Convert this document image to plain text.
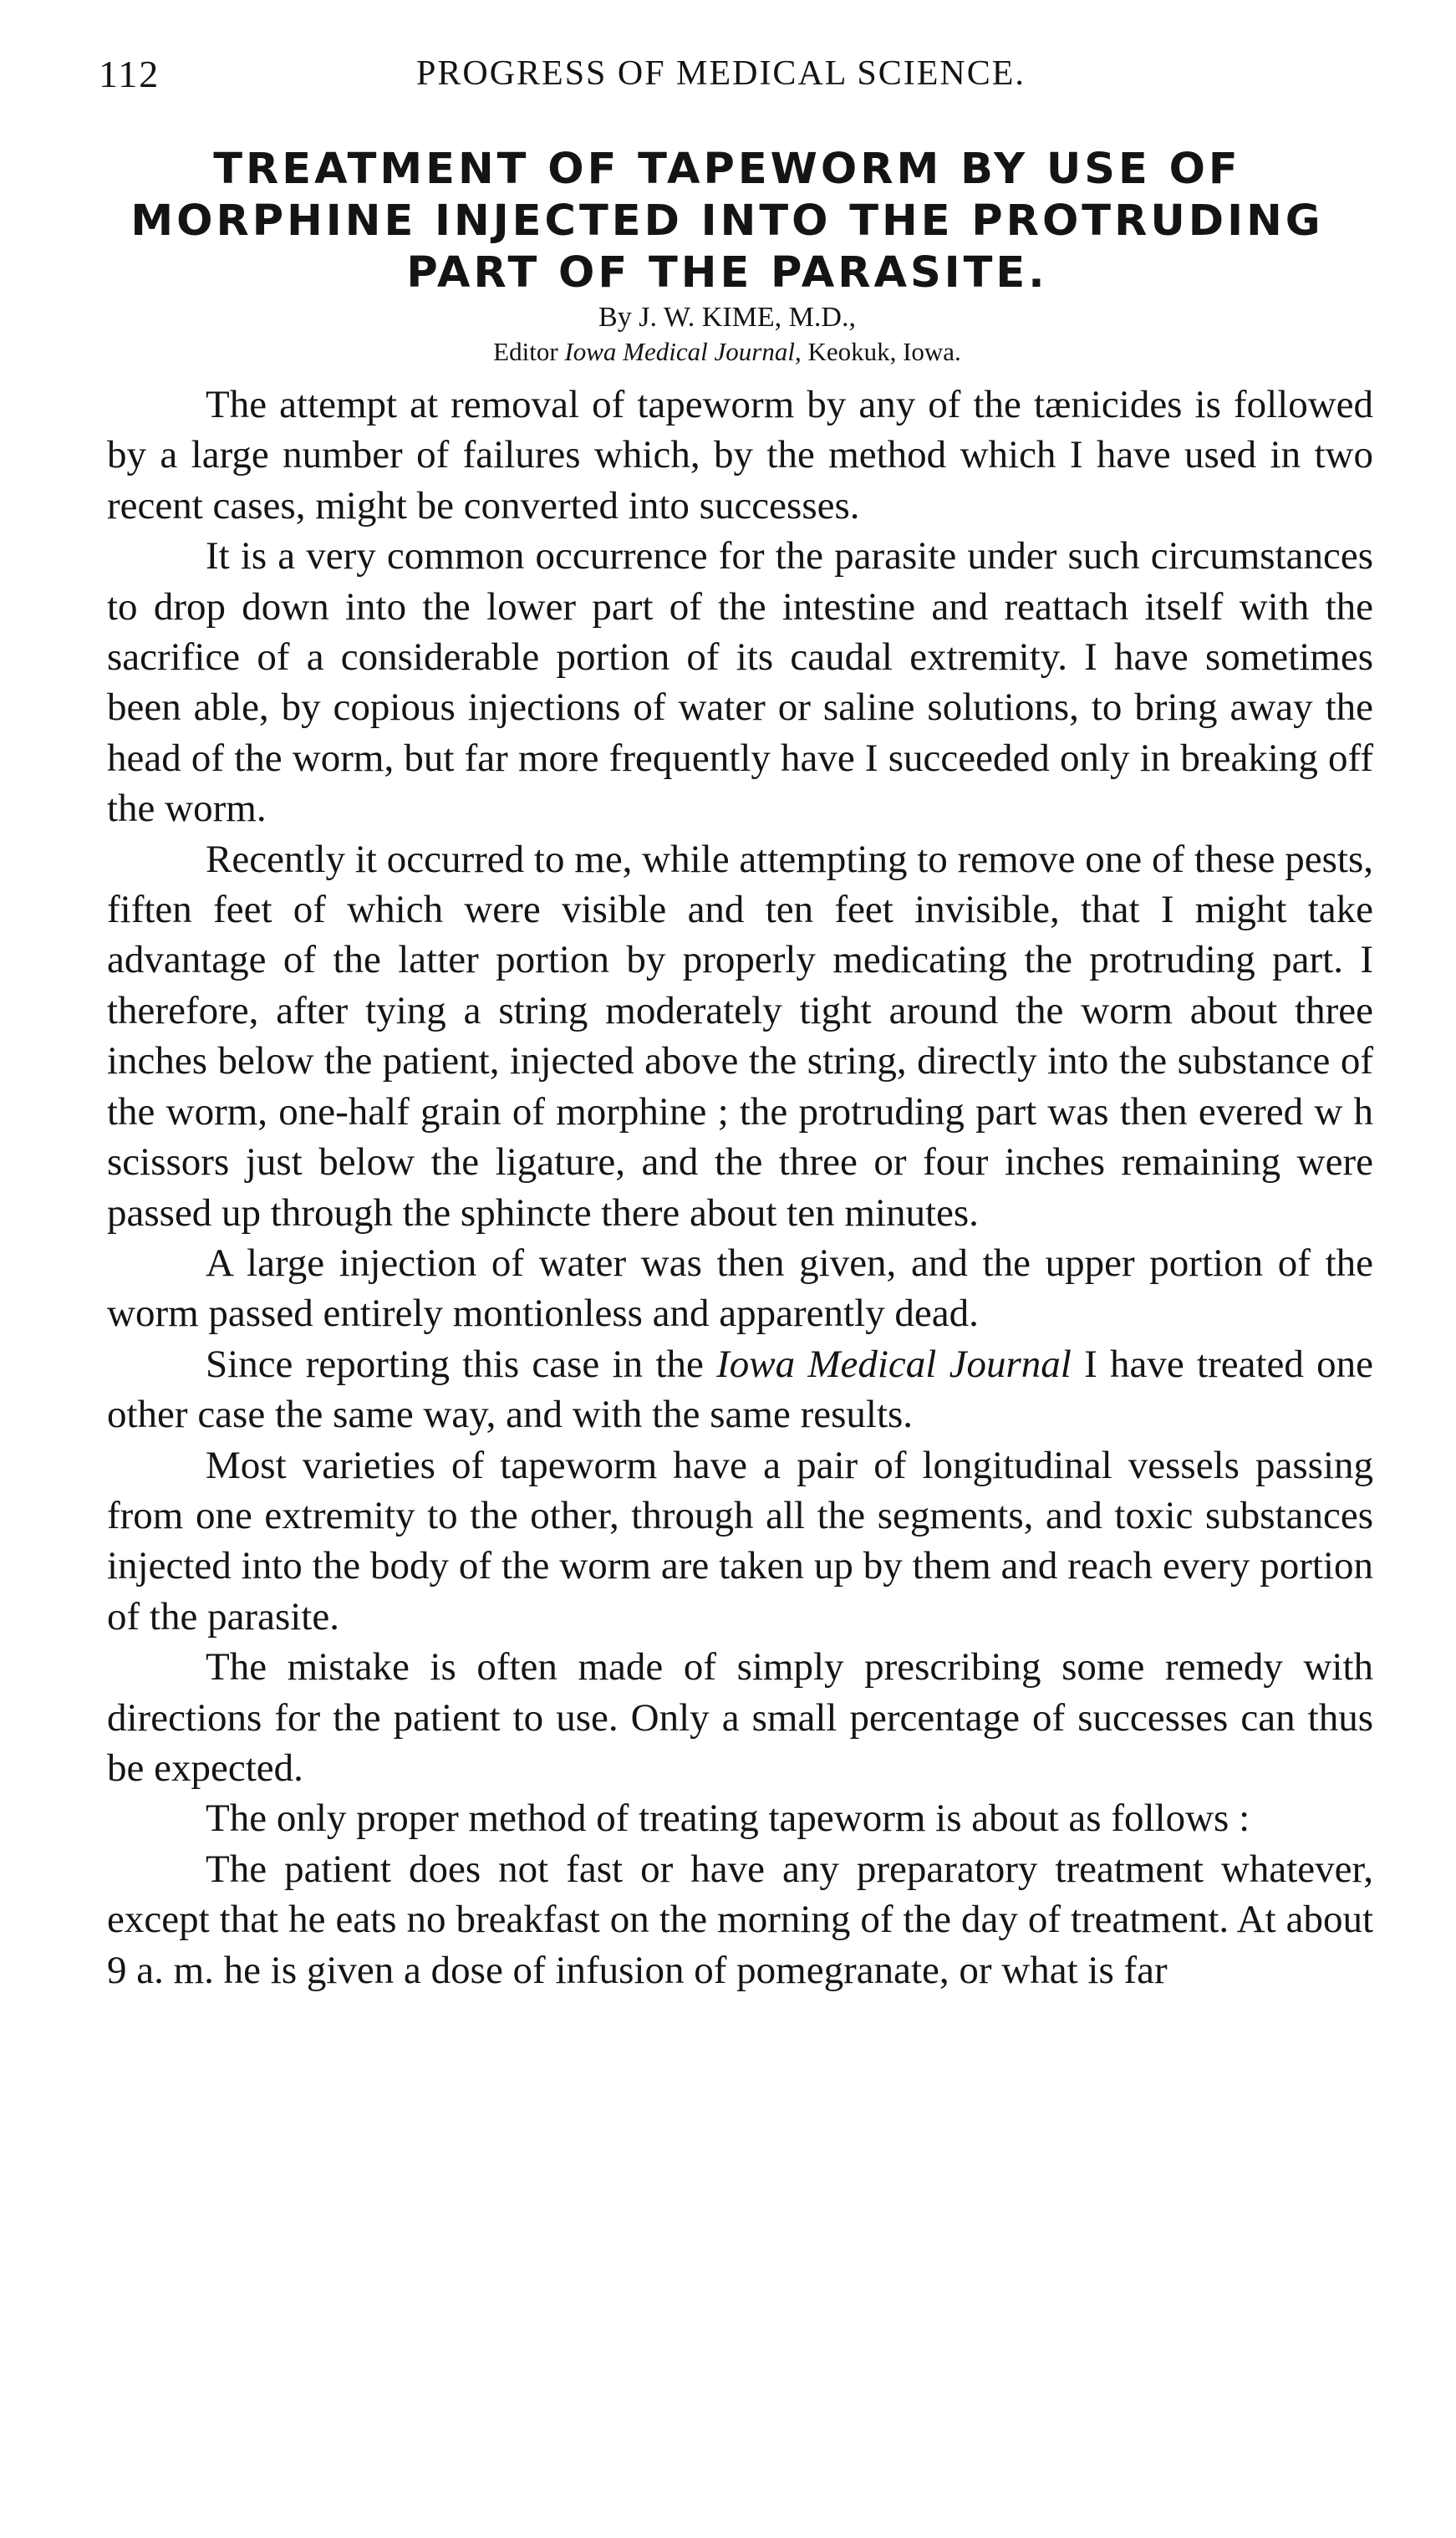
112	PROGRESS OF MEDICAL SCIENCE.
TREATMENT OF TAPEWORM BY USE OF MORPHINE INJECTED INTO THE PROTRUDING PART OF THE PARASITE.
By J. W. KIME, M.D.,
Editor Iowa Medical Journal, Keokuk, Iowa.

The attempt at removal of tapeworm by any of the tænicides is followed by a large number of failures which, by the method which I have used in two recent cases, might be converted into successes.

It is a very common occurrence for the parasite under such circumstances to drop down into the lower part of the intestine and reattach itself with the sacrifice of a considerable portion of its caudal extremity. I have sometimes been able, by copious injections of water or saline solutions, to bring away the head of the worm, but far more frequently have I succeeded only in breaking off the worm.

Recently it occurred to me, while attempting to remove one of these pests, fiften feet of which were visible and ten feet invisible, that I might take advantage of the latter portion by properly medicating the protruding part. I therefore, after tying a string moderately tight around the worm about three inches below the patient, injected above the string, directly into the substance of the worm, one-half grain of morphine ; the protruding part was then evered w h scissors just below the ligature, and the three or four inches remaining were passed up through the sphincte there about ten minutes.

A large injection of water was then given, and the upper portion of the worm passed entirely montionless and apparently dead.

Since reporting this case in the Iowa Medical Journal I have treated one other case the same way, and with the same results.

Most varieties of tapeworm have a pair of longitudinal vessels passing from one extremity to the other, through all the segments, and toxic substances injected into the body of the worm are taken up by them and reach every portion of the parasite.

The mistake is often made of simply prescribing some remedy with directions for the patient to use. Only a small percentage of successes can thus be expected.

The only proper method of treating tapeworm is about as follows :

The patient does not fast or have any preparatory treatment whatever, except that he eats no breakfast on the morning of the day of treatment. At about 9 a. m. he is given a dose of infusion of pomegranate, or what is far
